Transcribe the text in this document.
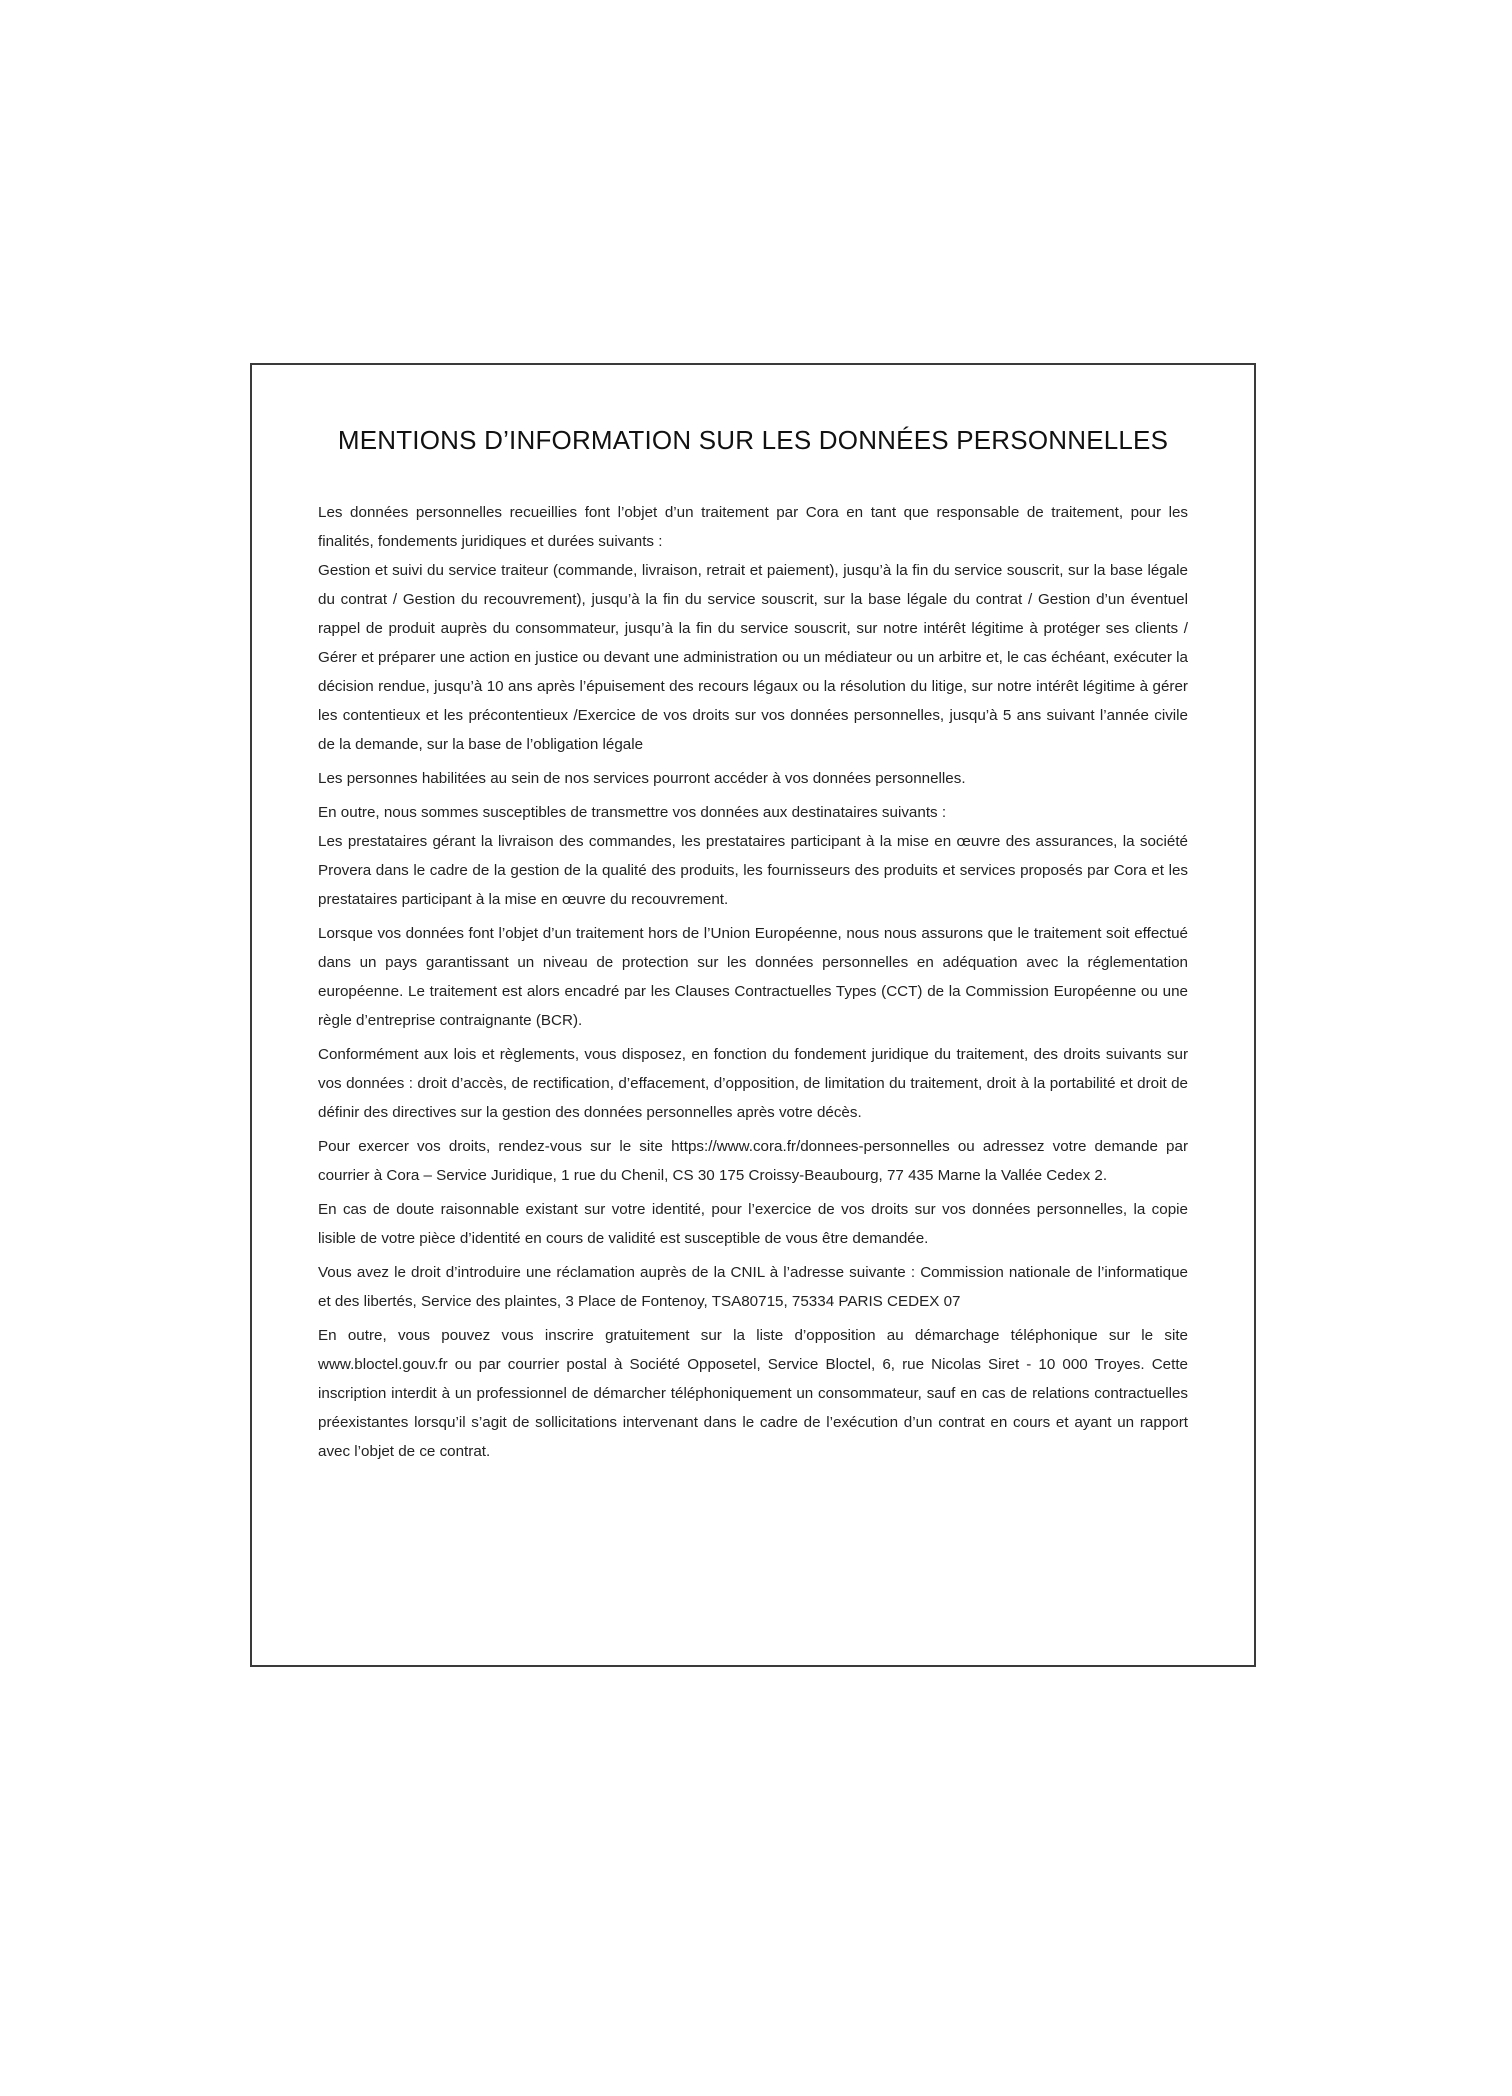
MENTIONS D’INFORMATION SUR LES DONNÉES PERSONNELLES

Les données personnelles recueillies font l’objet d’un traitement par Cora en tant que responsable de traitement, pour les finalités, fondements juridiques et durées suivants :
Gestion et suivi du service traiteur (commande, livraison, retrait et paiement), jusqu’à la fin du service souscrit, sur la base légale du contrat / Gestion du recouvrement), jusqu’à la fin du service souscrit, sur la base légale du contrat / Gestion d’un éventuel rappel de produit auprès du consommateur, jusqu’à la fin du service souscrit, sur notre intérêt légitime à protéger ses clients / Gérer et préparer une action en justice ou devant une administration ou un médiateur ou un arbitre et, le cas échéant, exécuter la décision rendue, jusqu’à 10 ans après l’épuisement des recours légaux ou la résolution du litige, sur notre intérêt légitime à gérer les contentieux et les précontentieux /Exercice de vos droits sur vos données personnelles, jusqu’à 5 ans suivant l’année civile de la demande, sur la base de l’obligation légale

Les personnes habilitées au sein de nos services pourront accéder à vos données personnelles.

En outre, nous sommes susceptibles de transmettre vos données aux destinataires suivants :
Les prestataires gérant la livraison des commandes, les prestataires participant à la mise en œuvre des assurances, la société Provera dans le cadre de la gestion de la qualité des produits, les fournisseurs des produits et services proposés par Cora et les prestataires participant à la mise en œuvre du recouvrement.

Lorsque vos données font l’objet d’un traitement hors de l’Union Européenne, nous nous assurons que le traitement soit effectué dans un pays garantissant un niveau de protection sur les données personnelles en adéquation avec la réglementation européenne. Le traitement est alors encadré par les Clauses Contractuelles Types (CCT) de la Commission Européenne ou une règle d’entreprise contraignante (BCR).

Conformément aux lois et règlements, vous disposez, en fonction du fondement juridique du traitement, des droits suivants sur vos données : droit d’accès, de rectification, d’effacement, d’opposition, de limitation du traitement, droit à la portabilité et droit de définir des directives sur la gestion des données personnelles après votre décès.

Pour exercer vos droits, rendez-vous sur le site https://www.cora.fr/donnees-personnelles ou adressez votre demande par courrier à Cora – Service Juridique, 1 rue du Chenil, CS 30 175 Croissy-Beaubourg, 77 435 Marne la Vallée Cedex 2.

En cas de doute raisonnable existant sur votre identité, pour l’exercice de vos droits sur vos données personnelles, la copie lisible de votre pièce d’identité en cours de validité est susceptible de vous être demandée.

Vous avez le droit d’introduire une réclamation auprès de la CNIL à l’adresse suivante : Commission nationale de l’informatique et des libertés, Service des plaintes, 3 Place de Fontenoy, TSA80715, 75334 PARIS CEDEX 07

En outre, vous pouvez vous inscrire gratuitement sur la liste d’opposition au démarchage téléphonique sur le site www.bloctel.gouv.fr ou par courrier postal à Société Opposetel, Service Bloctel, 6, rue Nicolas Siret - 10 000 Troyes. Cette inscription interdit à un professionnel de démarcher téléphoniquement un consommateur, sauf en cas de relations contractuelles préexistantes lorsqu’il s’agit de sollicitations intervenant dans le cadre de l’exécution d’un contrat en cours et ayant un rapport avec l’objet de ce contrat.
